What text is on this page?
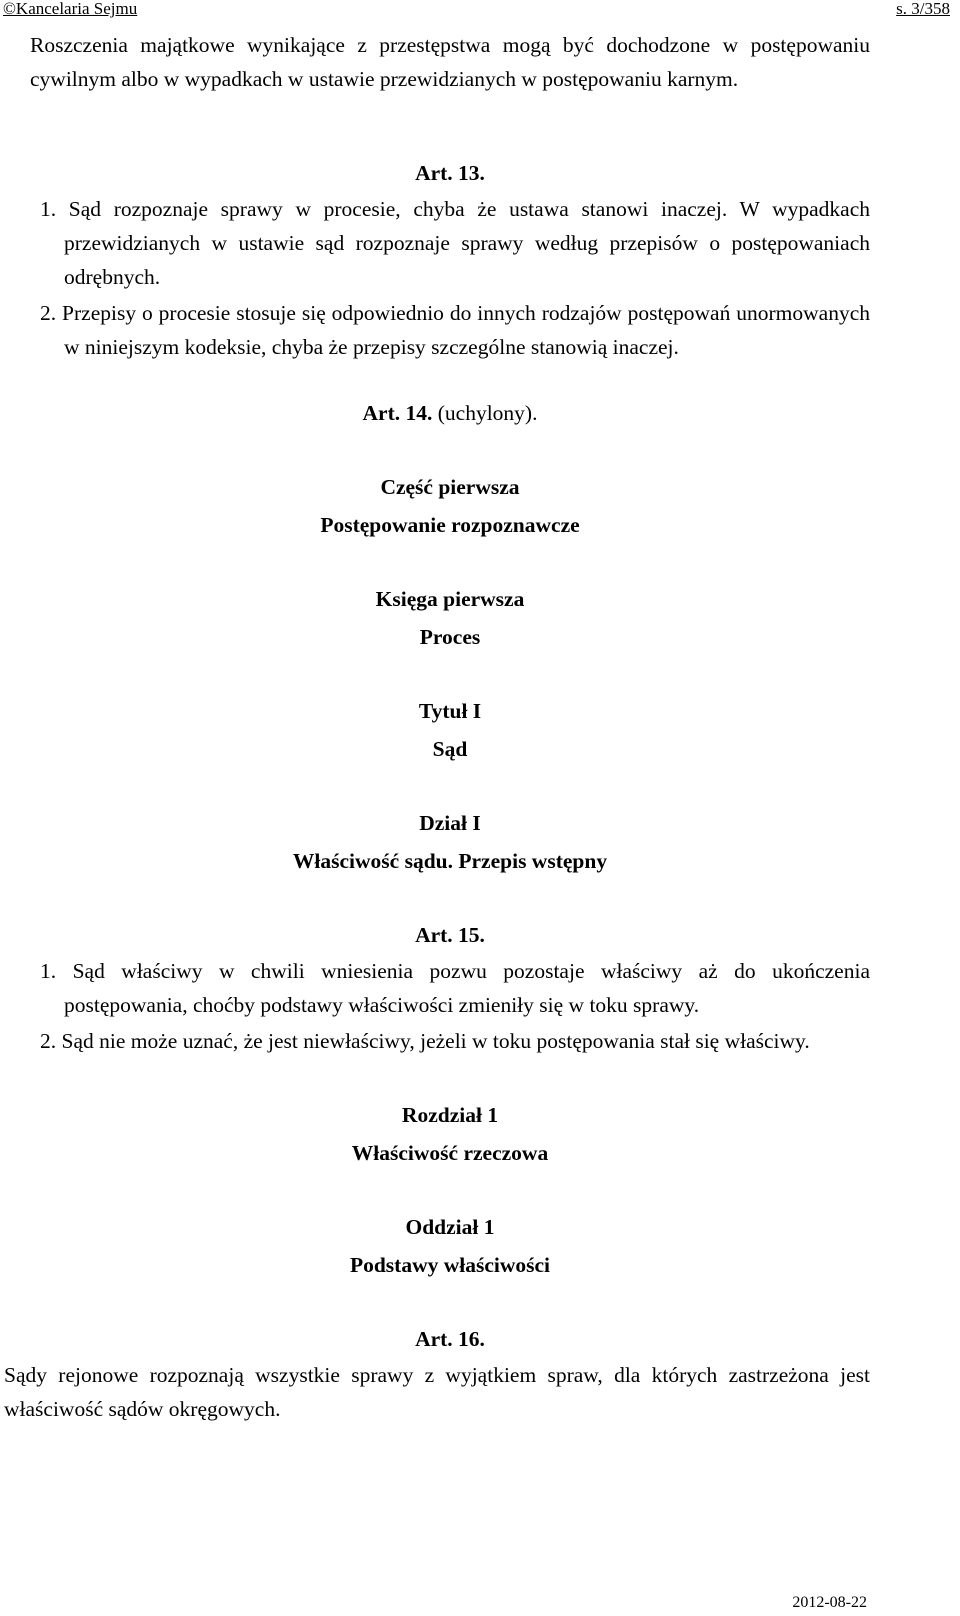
©Kancelaria Sejmu	s. 3/358

Roszczenia majątkowe wynikające z przestępstwa mogą być dochodzone w postępowaniu cywilnym albo w wypadkach w ustawie przewidzianych w postępowaniu karnym.

Art. 13.

1. Sąd rozpoznaje sprawy w procesie, chyba że ustawa stanowi inaczej. W wypadkach przewidzianych w ustawie sąd rozpoznaje sprawy według przepisów o postępowaniach odrębnych.

2. Przepisy o procesie stosuje się odpowiednio do innych rodzajów postępowań unormowanych w niniejszym kodeksie, chyba że przepisy szczególne stanowią inaczej.

Art. 14. (uchylony).

Część pierwsza

Postępowanie rozpoznawcze

Księga pierwsza

Proces

Tytuł I

Sąd

Dział I

Właściwość sądu. Przepis wstępny

Art. 15.

1. Sąd właściwy w chwili wniesienia pozwu pozostaje właściwy aż do ukończenia postępowania, choćby podstawy właściwości zmieniły się w toku sprawy.

2. Sąd nie może uznać, że jest niewłaściwy, jeżeli w toku postępowania stał się właściwy.

Rozdział 1

Właściwość rzeczowa

Oddział 1

Podstawy właściwości

Art. 16.

Sądy rejonowe rozpoznają wszystkie sprawy z wyjątkiem spraw, dla których zastrzeżona jest właściwość sądów okręgowych.

2012-08-22
